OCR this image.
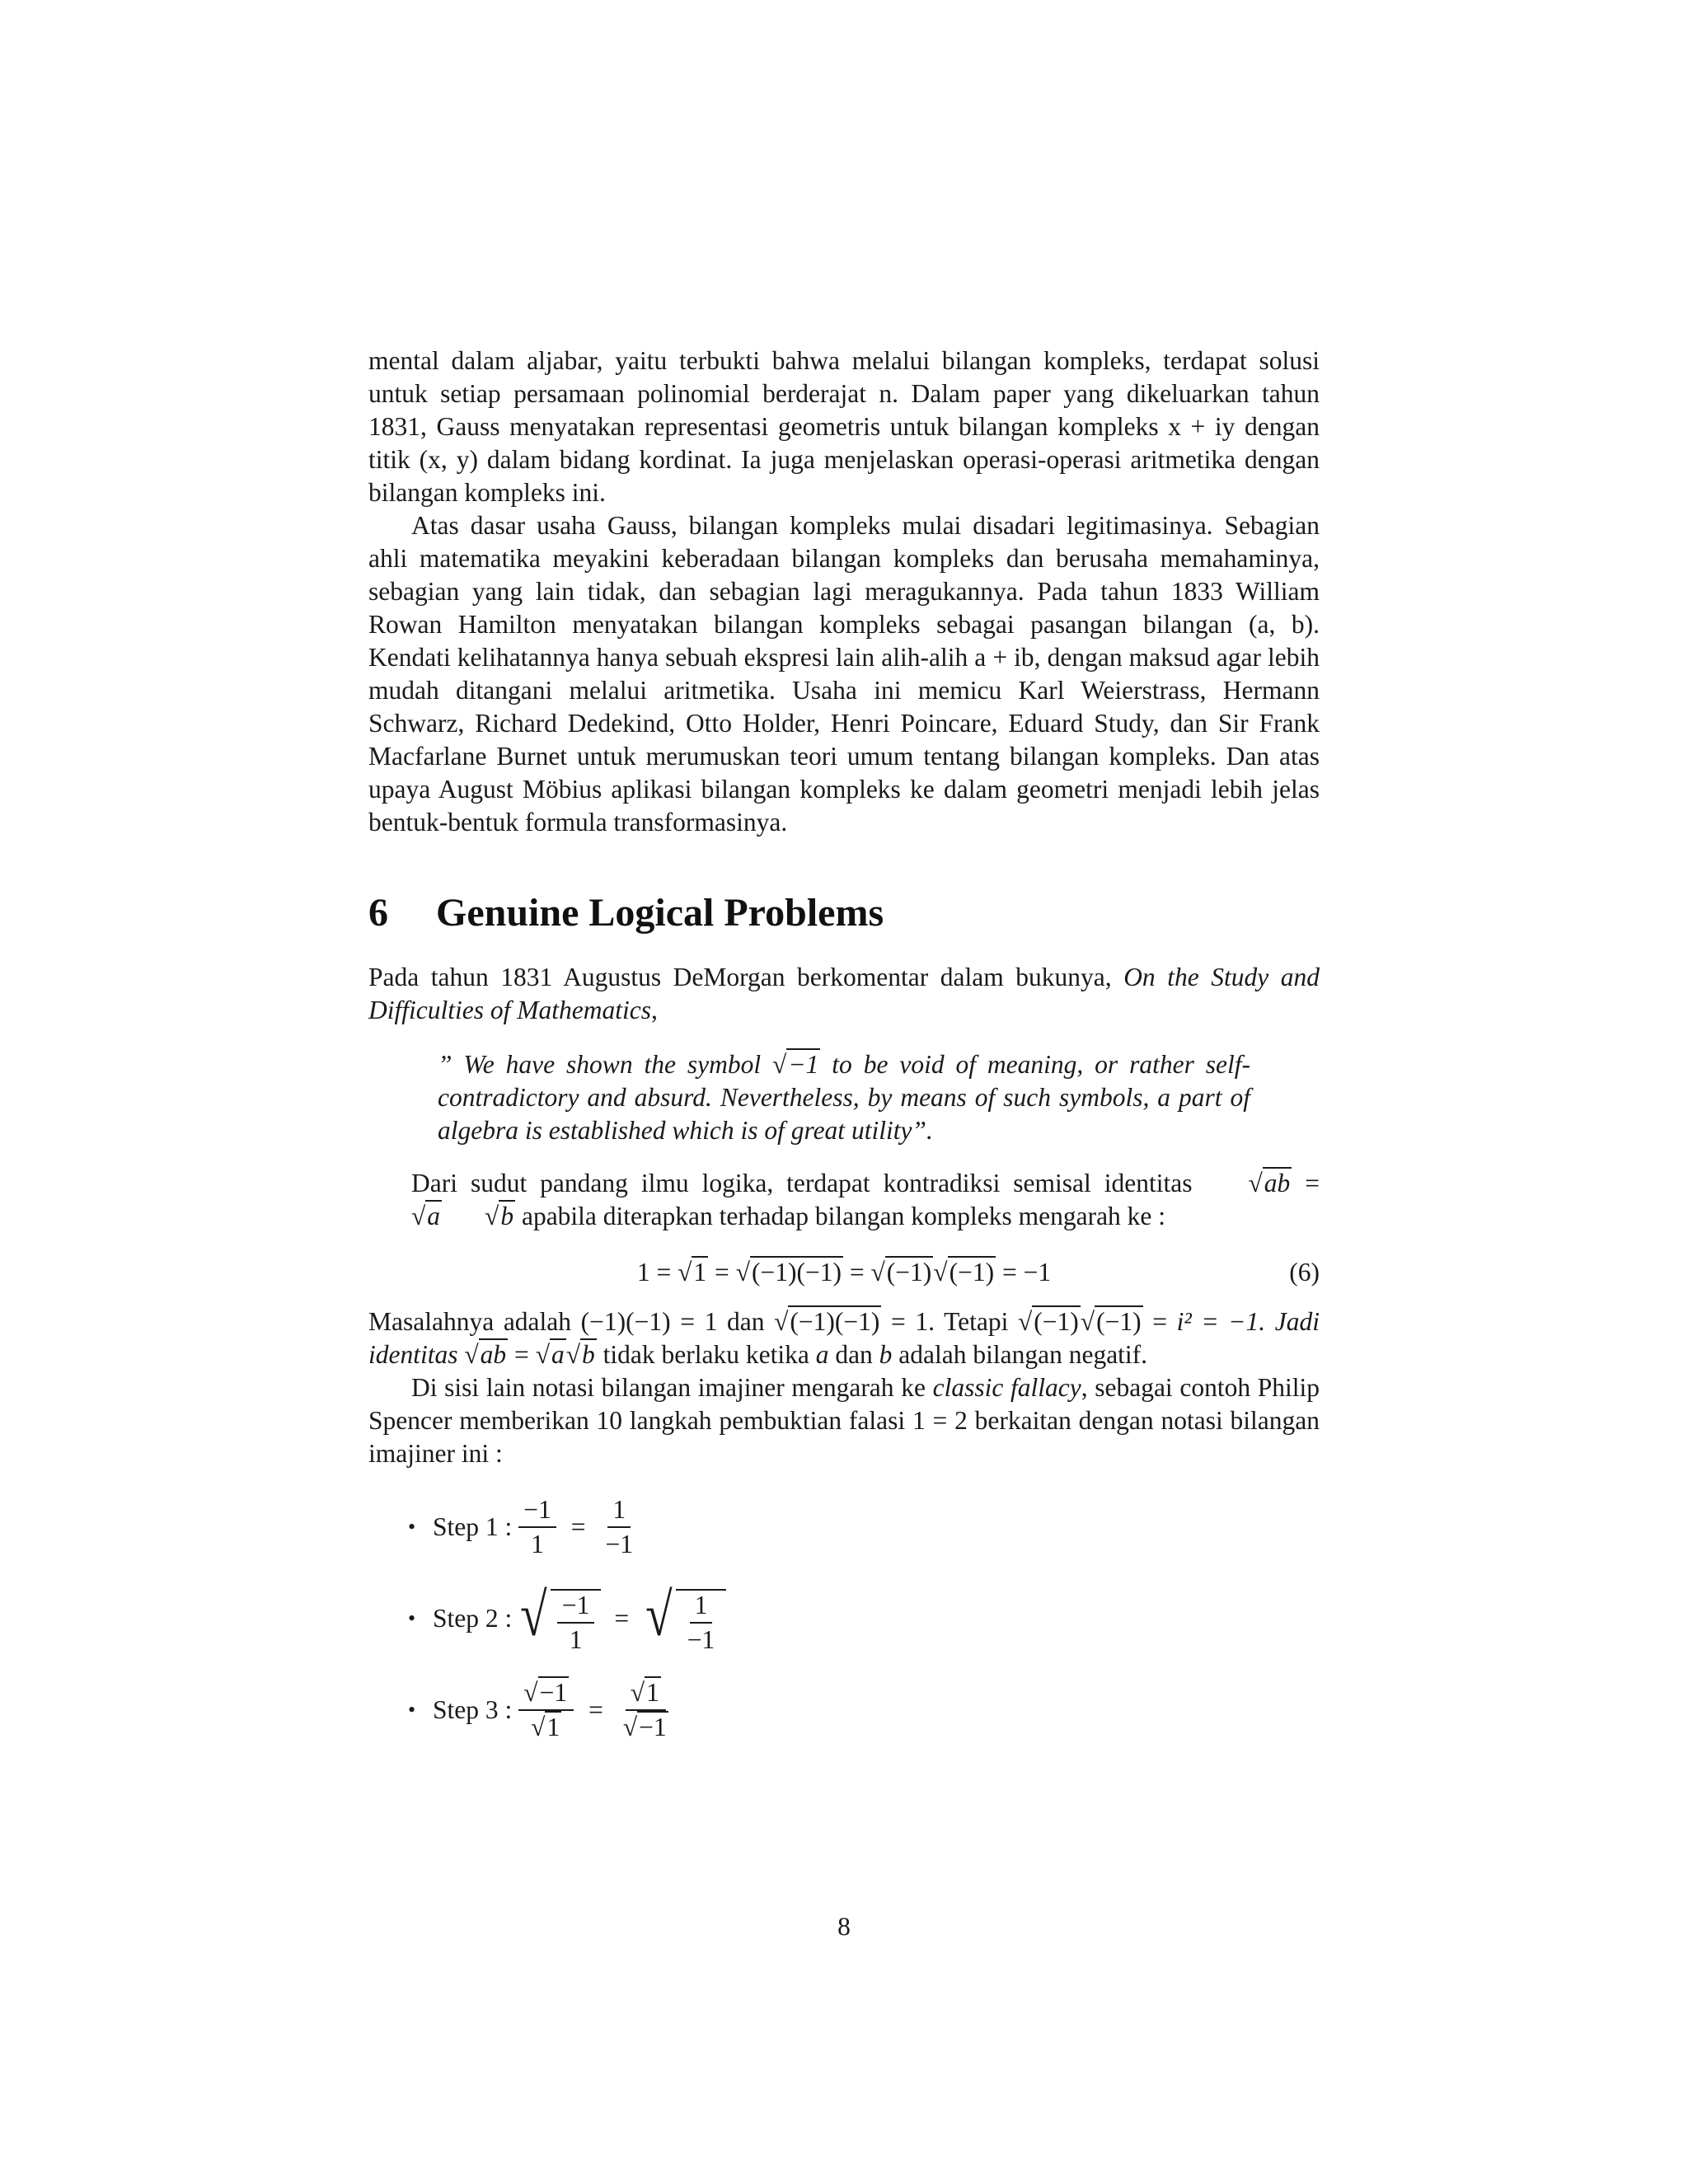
mental dalam aljabar, yaitu terbukti bahwa melalui bilangan kompleks, terdapat solusi untuk setiap persamaan polinomial berderajat n. Dalam paper yang dikeluarkan tahun 1831, Gauss menyatakan representasi geometris untuk bilangan kompleks x + iy dengan titik (x, y) dalam bidang kordinat. Ia juga menjelaskan operasi-operasi aritmetika dengan bilangan kompleks ini.

Atas dasar usaha Gauss, bilangan kompleks mulai disadari legitimasinya. Sebagian ahli matematika meyakini keberadaan bilangan kompleks dan berusaha memahaminya, sebagian yang lain tidak, dan sebagian lagi meragukannya. Pada tahun 1833 William Rowan Hamilton menyatakan bilangan kompleks sebagai pasangan bilangan (a, b). Kendati kelihatannya hanya sebuah ekspresi lain alih-alih a + ib, dengan maksud agar lebih mudah ditangani melalui aritmetika. Usaha ini memicu Karl Weierstrass, Hermann Schwarz, Richard Dedekind, Otto Holder, Henri Poincare, Eduard Study, dan Sir Frank Macfarlane Burnet untuk merumuskan teori umum tentang bilangan kompleks. Dan atas upaya August Möbius aplikasi bilangan kompleks ke dalam geometri menjadi lebih jelas bentuk-bentuk formula transformasinya.

6 Genuine Logical Problems

Pada tahun 1831 Augustus DeMorgan berkomentar dalam bukunya, On the Study and Difficulties of Mathematics,

” We have shown the symbol √−1 to be void of meaning, or rather self-contradictory and absurd. Nevertheless, by means of such symbols, a part of algebra is established which is of great utility”.

Dari sudut pandang ilmu logika, terdapat kontradiksi semisal identitas √ab = √a √b apabila diterapkan terhadap bilangan kompleks mengarah ke :

1 = √1 = √(−1)(−1) = √(−1)√(−1) = −1	(6)

Masalahnya adalah (−1)(−1) = 1 dan √(−1)(−1) = 1. Tetapi √(−1)√(−1) = i² = −1. Jadi identitas √ab = √a√b tidak berlaku ketika a dan b adalah bilangan negatif.

Di sisi lain notasi bilangan imajiner mengarah ke classic fallacy, sebagai contoh Philip Spencer memberikan 10 langkah pembuktian falasi 1 = 2 berkaitan dengan notasi bilangan imajiner ini :

• Step 1 : $\frac{-1}{1} = \frac{1}{-1}$
• Step 2 : √ $\frac{-1}{1}$ = √ $\frac{1}{-1}$
• Step 3 : $\frac{√-1}{√1} = \frac{√1}{√-1}$
8
